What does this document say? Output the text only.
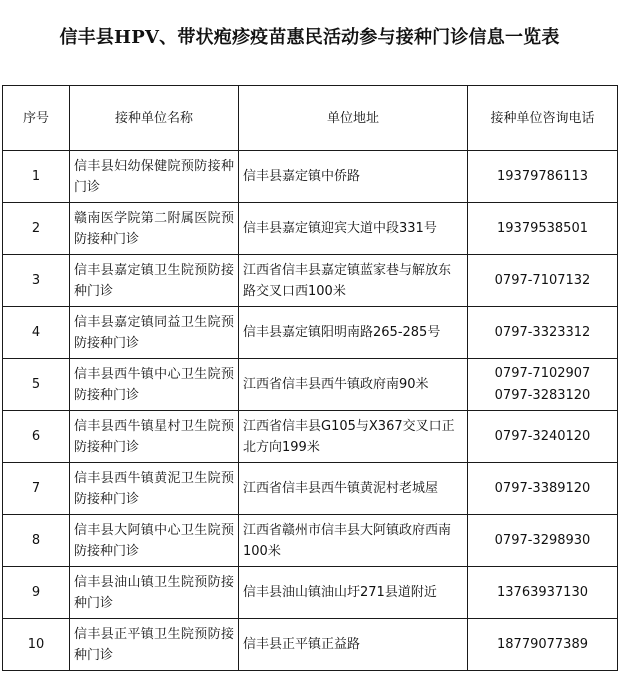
信丰县HPV、带状疱疹疫苗惠民活动参与接种门诊信息一览表
序号	接种单位名称	单位地址	接种单位咨询电话
1	信丰县妇幼保健院预防接种门诊	信丰县嘉定镇中侨路	19379786113

2	赣南医学院第二附属医院预防接种门诊	信丰县嘉定镇迎宾大道中段331号	19379538501

3	信丰县嘉定镇卫生院预防接种门诊	江西省信丰县嘉定镇蓝家巷与解放东路交叉口西100米	0797-7107132

4	信丰县嘉定镇同益卫生院预防接种门诊	信丰县嘉定镇阳明南路265-285号	0797-3323312

5	信丰县西牛镇中心卫生院预防接种门诊	江西省信丰县西牛镇政府南90米	0797-7102907
0797-3283120

6	信丰县西牛镇星村卫生院预防接种门诊	江西省信丰县G105与X367交叉口正北方向199米	0797-3240120

7	信丰县西牛镇黄泥卫生院预防接种门诊	江西省信丰县西牛镇黄泥村老城屋	0797-3389120

8	信丰县大阿镇中心卫生院预防接种门诊	江西省赣州市信丰县大阿镇政府西南100米	0797-3298930

9	信丰县油山镇卫生院预防接种门诊	信丰县油山镇油山圩271县道附近	13763937130

10	信丰县正平镇卫生院预防接种门诊	信丰县正平镇正益路	18779077389
